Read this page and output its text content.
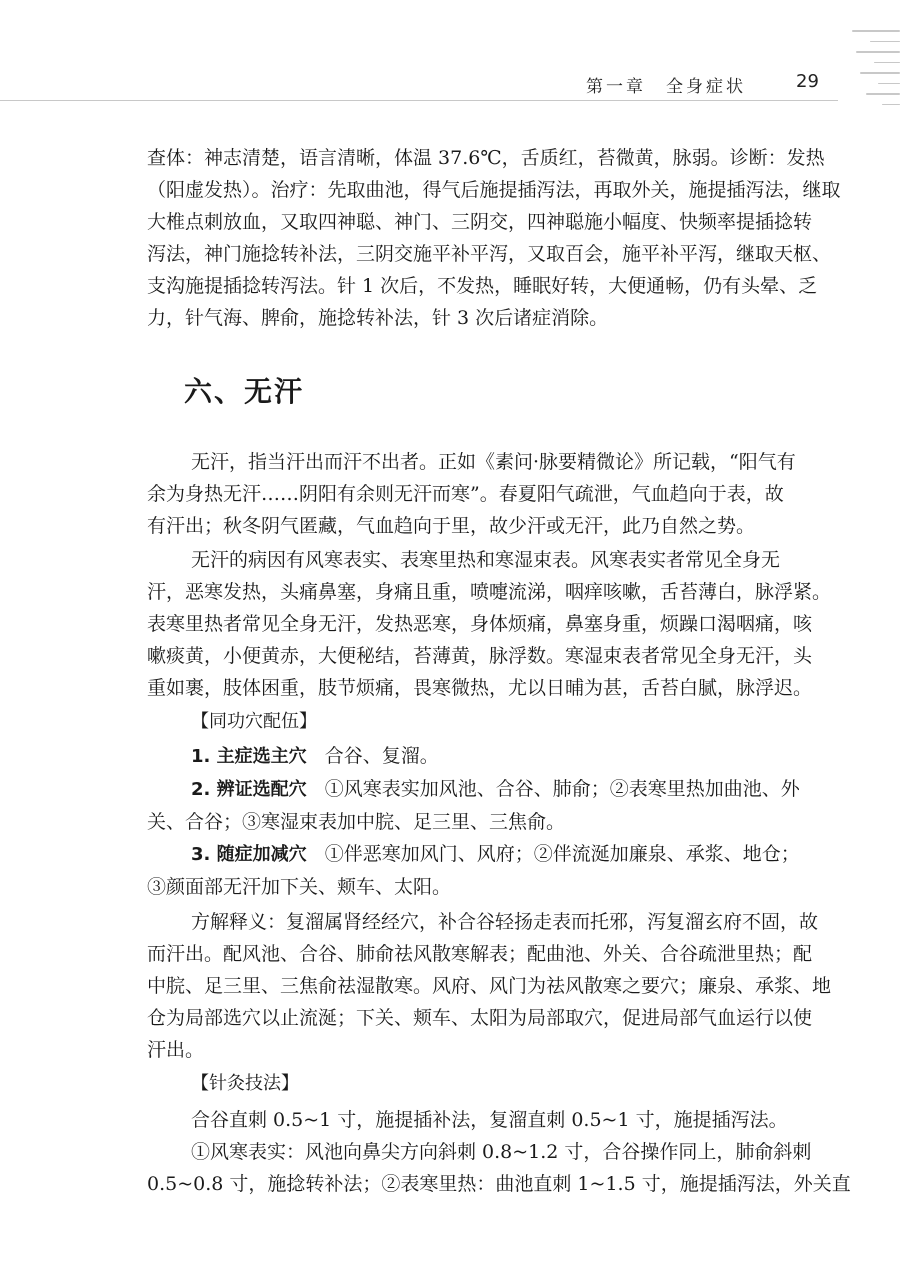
第一章　全身症状	29
查体：神志清楚，语言清晰，体温 37.6℃，舌质红，苔微黄，脉弱。诊断：发热
（阳虚发热）。治疗：先取曲池，得气后施提插泻法，再取外关，施提插泻法，继取
大椎点刺放血，又取四神聪、神门、三阴交，四神聪施小幅度、快频率提插捻转
泻法，神门施捻转补法，三阴交施平补平泻，又取百会，施平补平泻，继取天枢、
支沟施提插捻转泻法。针 1 次后，不发热，睡眠好转，大便通畅，仍有头晕、乏
力，针气海、脾俞，施捻转补法，针 3 次后诸症消除。
六、无汗
无汗，指当汗出而汗不出者。正如《素问·脉要精微论》所记载，“阳气有
余为身热无汗……阴阳有余则无汗而寒”。春夏阳气疏泄，气血趋向于表，故
有汗出；秋冬阴气匿藏，气血趋向于里，故少汗或无汗，此乃自然之势。
无汗的病因有风寒表实、表寒里热和寒湿束表。风寒表实者常见全身无
汗，恶寒发热，头痛鼻塞，身痛且重，喷嚏流涕，咽痒咳嗽，舌苔薄白，脉浮紧。
表寒里热者常见全身无汗，发热恶寒，身体烦痛，鼻塞身重，烦躁口渴咽痛，咳
嗽痰黄，小便黄赤，大便秘结，苔薄黄，脉浮数。寒湿束表者常见全身无汗，头
重如裹，肢体困重，肢节烦痛，畏寒微热，尤以日晡为甚，舌苔白腻，脉浮迟。
【同功穴配伍】
1. 主症选主穴 合谷、复溜。
2. 辨证选配穴 ①风寒表实加风池、合谷、肺俞；②表寒里热加曲池、外
关、合谷；③寒湿束表加中脘、足三里、三焦俞。
3. 随症加减穴 ①伴恶寒加风门、风府；②伴流涎加廉泉、承浆、地仓；
③颜面部无汗加下关、颊车、太阳。
方解释义：复溜属肾经经穴，补合谷轻扬走表而托邪，泻复溜玄府不固，故
而汗出。配风池、合谷、肺俞祛风散寒解表；配曲池、外关、合谷疏泄里热；配
中脘、足三里、三焦俞祛湿散寒。风府、风门为祛风散寒之要穴；廉泉、承浆、地
仓为局部选穴以止流涎；下关、颊车、太阳为局部取穴，促进局部气血运行以使
汗出。
【针灸技法】
合谷直刺 0.5~1 寸，施提插补法，复溜直刺 0.5~1 寸，施提插泻法。
①风寒表实：风池向鼻尖方向斜刺 0.8~1.2 寸，合谷操作同上，肺俞斜刺
0.5~0.8 寸，施捻转补法；②表寒里热：曲池直刺 1~1.5 寸，施提插泻法，外关直
